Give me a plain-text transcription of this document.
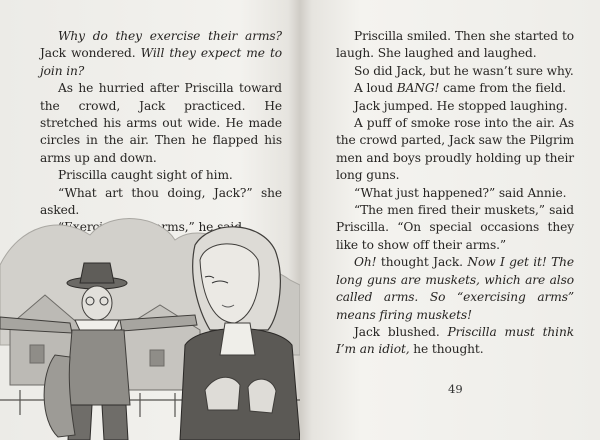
Why do they exercise their arms? Jack wondered. Will they expect me to join in?

As he hurried after Priscilla toward the crowd, Jack practiced. He stretched his arms out wide. He made circles in the air. Then he flapped his arms up and down.

Priscilla caught sight of him.

“What art thou doing, Jack?” she asked.

“Exercising arms,” he

Priscilla smiled. Then she started to laugh. She laughed and laughed.

So did Jack, but he wasn’t sure why.

A loud BANG! came from the field.

Jack jumped. He stopped laughing.

A puff of smoke rose into the air. As the crowd parted, Jack saw the Pilgrim men and boys proudly holding up their long guns.

“What just happened?” said Annie.

“The men fired their muskets,” said Priscilla. “On special occasions they like to show off their arms.”

Oh! thought Jack. Now I get it! The long guns are muskets, which are also called arms. So “exercising arms” means firing muskets!

Jack blushed. Priscilla must think I’m an idiot, he thought.

49
